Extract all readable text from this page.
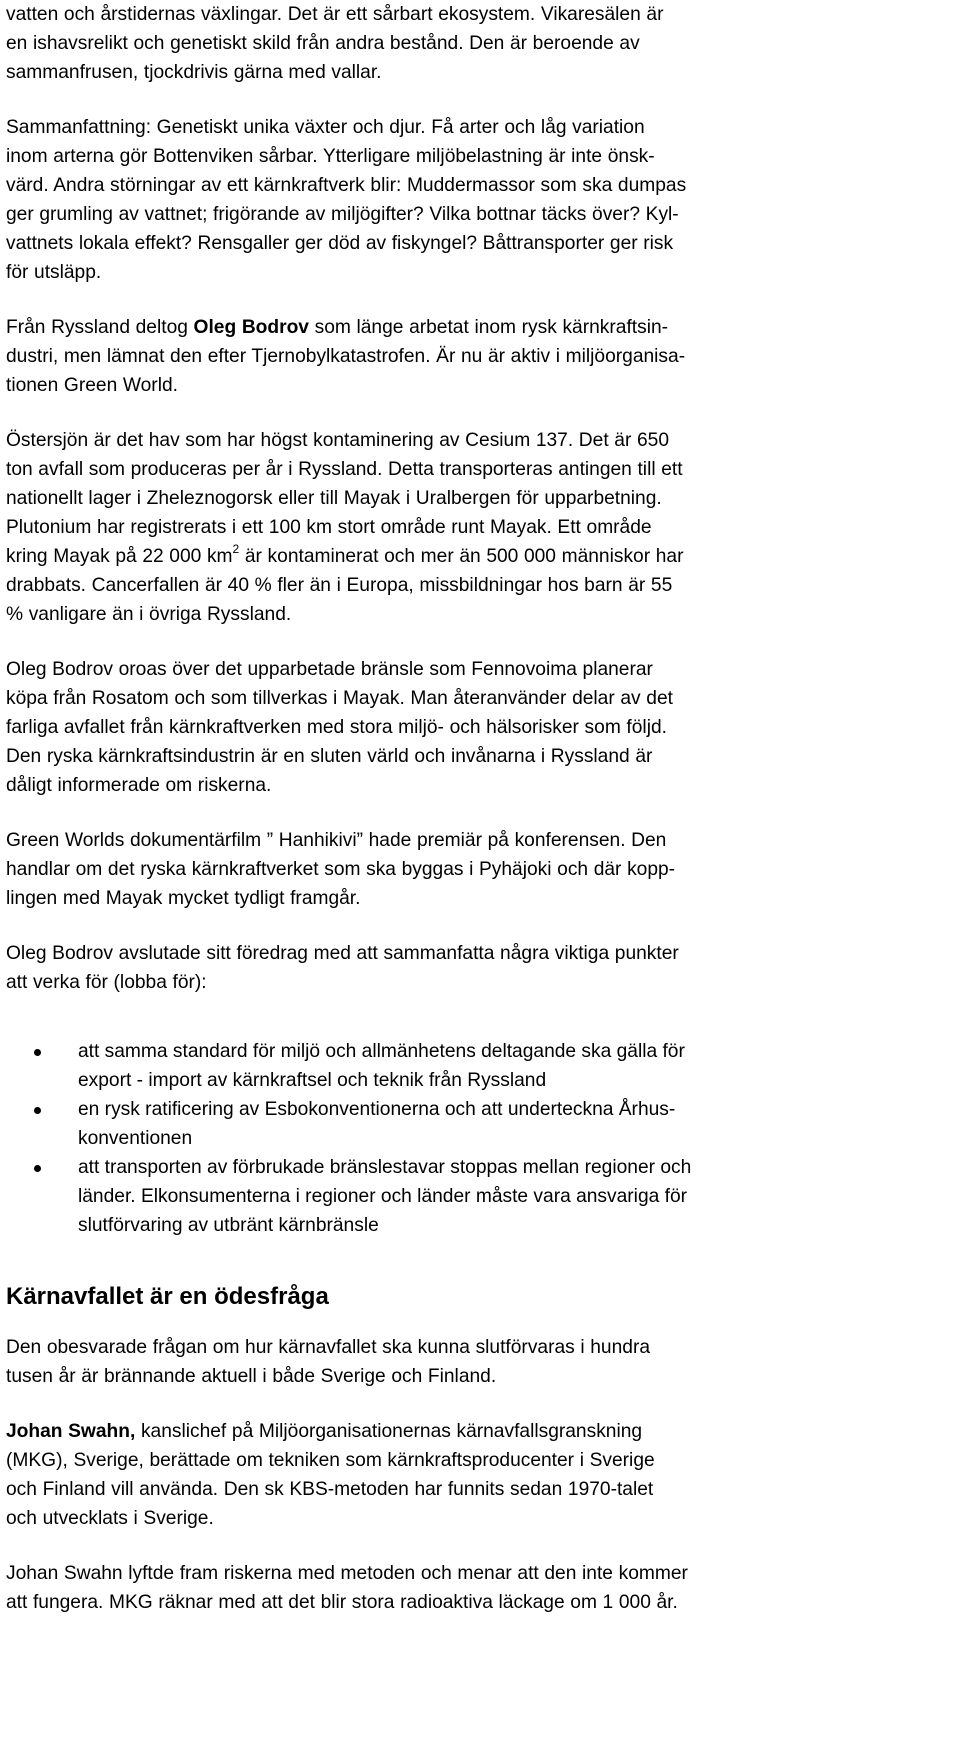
vatten och årstidernas växlingar. Det är ett sårbart ekosystem. Vikaresälen är
en ishavsrelikt och genetiskt skild från andra bestånd. Den är beroende av
sammanfrusen, tjockdrivis gärna med vallar.

Sammanfattning: Genetiskt unika växter och djur. Få arter och låg variation
inom arterna gör Bottenviken sårbar. Ytterligare miljöbelastning är inte önsk-
värd. Andra störningar av ett kärnkraftverk blir: Muddermassor som ska dumpas
ger grumling av vattnet; frigörande av miljögifter? Vilka bottnar täcks över? Kyl-
vattnets lokala effekt? Rensgaller ger död av fiskyngel? Båttransporter ger risk
för utsläpp.

Från Ryssland deltog Oleg Bodrov som länge arbetat inom rysk kärnkraftsin-
dustri, men lämnat den efter Tjernobylkatastrofen. Är nu är aktiv i miljöorganisa-
tionen Green World.

Östersjön är det hav som har högst kontaminering av Cesium 137. Det är 650
ton avfall som produceras per år i Ryssland. Detta transporteras antingen till ett
nationellt lager i Zheleznogorsk eller till Mayak i Uralbergen för upparbetning.
Plutonium har registrerats i ett 100 km stort område runt Mayak. Ett område
kring Mayak på 22 000 $km^2$ är kontaminerat och mer än 500 000 människor har
drabbats. Cancerfallen är 40 % fler än i Europa, missbildningar hos barn är 55
% vanligare än i övriga Ryssland.

Oleg Bodrov oroas över det upparbetade bränsle som Fennovoima planerar
köpa från Rosatom och som tillverkas i Mayak. Man återanvänder delar av det
farliga avfallet från kärnkraftverken med stora miljö- och hälsorisker som följd.
Den ryska kärnkraftsindustrin är en sluten värld och invånarna i Ryssland är
dåligt informerade om riskerna.

Green Worlds dokumentärfilm ” Hanhikivi” hade premiär på konferensen. Den
handlar om det ryska kärnkraftverket som ska byggas i Pyhäjoki och där kopp-
lingen med Mayak mycket tydligt framgår.

Oleg Bodrov avslutade sitt föredrag med att sammanfatta några viktiga punkter
att verka för (lobba för):

att samma standard för miljö och allmänhetens deltagande ska gälla för
export - import av kärnkraftsel och teknik från Ryssland
en rysk ratificering av Esbokonventionerna och att underteckna Århus-
konventionen
att transporten av förbrukade bränslestavar stoppas mellan regioner och
länder. Elkonsumenterna i regioner och länder måste vara ansvariga för
slutförvaring av utbränt kärnbränsle
Kärnavfallet är en ödesfråga

Den obesvarade frågan om hur kärnavfallet ska kunna slutförvaras i hundra
tusen år är brännande aktuell i både Sverige och Finland.

Johan Swahn, kanslichef på Miljöorganisationernas kärnavfallsgranskning
(MKG), Sverige, berättade om tekniken som kärnkraftsproducenter i Sverige
och Finland vill använda. Den sk KBS-metoden har funnits sedan 1970-talet
och utvecklats i Sverige.

Johan Swahn lyftde fram riskerna med metoden och menar att den inte kommer
att fungera. MKG räknar med att det blir stora radioaktiva läckage om 1 000 år.
